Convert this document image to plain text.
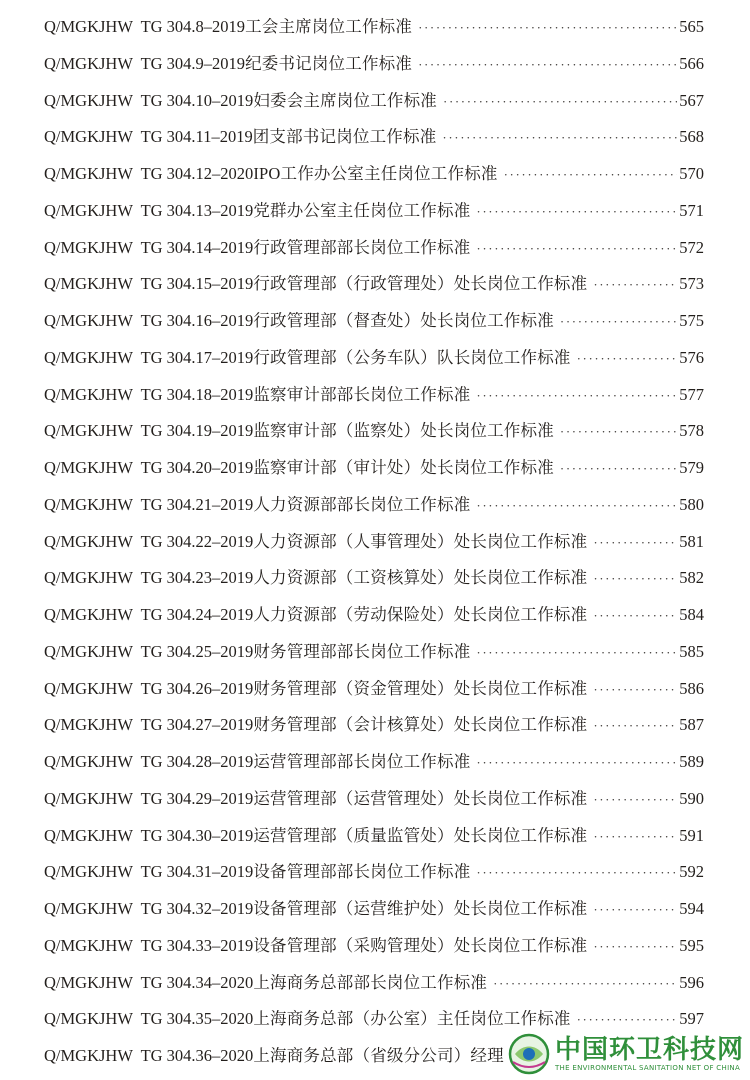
Q/MGKJHW  TG 304.8–2019 工会主席岗位工作标准 ·····	565
Q/MGKJHW  TG 304.9–2019 纪委书记岗位工作标准 ·····	566
Q/MGKJHW  TG 304.10–2019 妇委会主席岗位工作标准 ·····	567
Q/MGKJHW  TG 304.11–2019 团支部书记岗位工作标准 ·····	568
Q/MGKJHW  TG 304.12–2020 IPO工作办公室主任岗位工作标准 ·····	570
Q/MGKJHW  TG 304.13–2019 党群办公室主任岗位工作标准 ·····	571
Q/MGKJHW  TG 304.14–2019 行政管理部部长岗位工作标准 ·····	572
Q/MGKJHW  TG 304.15–2019 行政管理部（行政管理处）处长岗位工作标准 ·····	573
Q/MGKJHW  TG 304.16–2019 行政管理部（督查处）处长岗位工作标准 ·····	575
Q/MGKJHW  TG 304.17–2019 行政管理部（公务车队）队长岗位工作标准 ·····	576
Q/MGKJHW  TG 304.18–2019 监察审计部部长岗位工作标准 ·····	577
Q/MGKJHW  TG 304.19–2019 监察审计部（监察处）处长岗位工作标准 ·····	578
Q/MGKJHW  TG 304.20–2019 监察审计部（审计处）处长岗位工作标准 ·····	579
Q/MGKJHW  TG 304.21–2019 人力资源部部长岗位工作标准 ·····	580
Q/MGKJHW  TG 304.22–2019 人力资源部（人事管理处）处长岗位工作标准 ·····	581
Q/MGKJHW  TG 304.23–2019 人力资源部（工资核算处）处长岗位工作标准 ·····	582
Q/MGKJHW  TG 304.24–2019 人力资源部（劳动保险处）处长岗位工作标准 ·····	584
Q/MGKJHW  TG 304.25–2019 财务管理部部长岗位工作标准 ·····	585
Q/MGKJHW  TG 304.26–2019 财务管理部（资金管理处）处长岗位工作标准 ·····	586
Q/MGKJHW  TG 304.27–2019 财务管理部（会计核算处）处长岗位工作标准 ·····	587
Q/MGKJHW  TG 304.28–2019 运营管理部部长岗位工作标准 ·····	589
Q/MGKJHW  TG 304.29–2019 运营管理部（运营管理处）处长岗位工作标准 ·····	590
Q/MGKJHW  TG 304.30–2019 运营管理部（质量监管处）处长岗位工作标准 ·····	591
Q/MGKJHW  TG 304.31–2019 设备管理部部长岗位工作标准 ·····	592
Q/MGKJHW  TG 304.32–2019 设备管理部（运营维护处）处长岗位工作标准 ·····	594
Q/MGKJHW  TG 304.33–2019 设备管理部（采购管理处）处长岗位工作标准 ·····	595
Q/MGKJHW  TG 304.34–2020 上海商务总部部长岗位工作标准 ·····	596
Q/MGKJHW  TG 304.35–2020 上海商务总部（办公室）主任岗位工作标准 ·····	597
Q/MGKJHW  TG 304.36–2020 上海商务总部（省级分公司）经理 中国环卫科技网
THE ENVIRONMENTAL SANITATION NET OF CHINA
